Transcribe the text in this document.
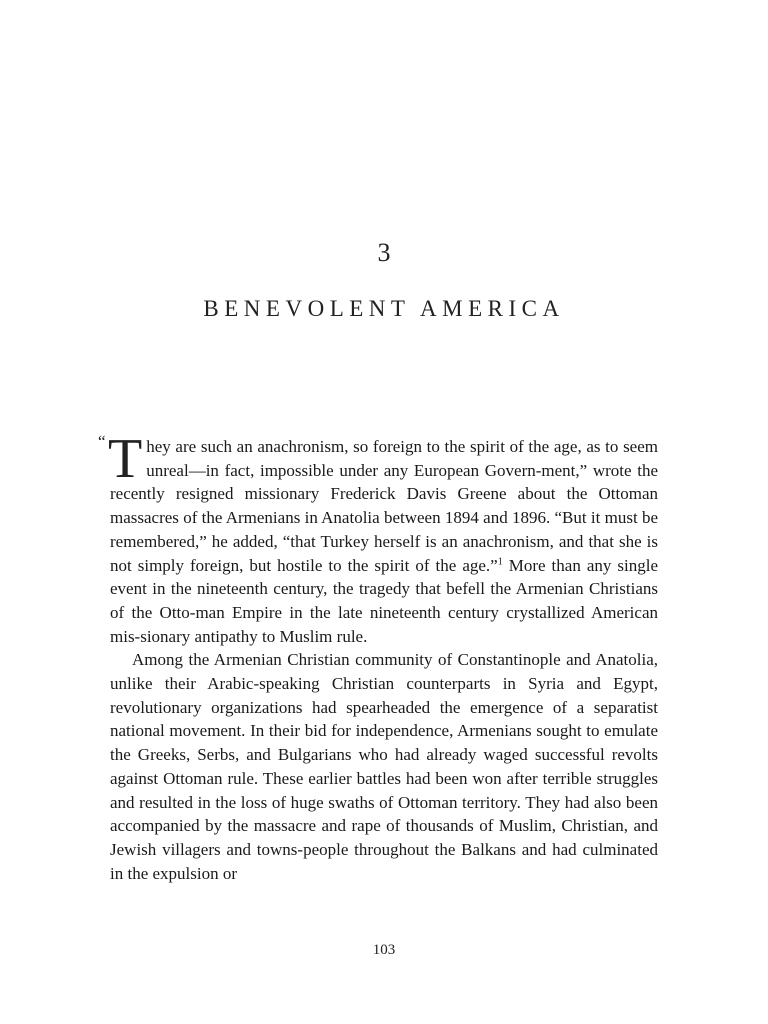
3
BENEVOLENT AMERICA

“ T hey are such an anachronism, so foreign to the spirit of the age, as to seem unreal—in fact, impossible under any European Govern-ment,” wrote the recently resigned missionary Frederick Davis Greene about the Ottoman massacres of the Armenians in Anatolia between 1894 and 1896. “But it must be remembered,” he added, “that Turkey herself is an anachronism, and that she is not simply foreign, but hostile to the spirit of the age.”$^1$ More than any single event in the nineteenth century, the tragedy that befell the Armenian Christians of the Otto-man Empire in the late nineteenth century crystallized American mis-sionary antipathy to Muslim rule.

Among the Armenian Christian community of Constantinople and Anatolia, unlike their Arabic-speaking Christian counterparts in Syria and Egypt, revolutionary organizations had spearheaded the emergence of a separatist national movement. In their bid for independence, Armenians sought to emulate the Greeks, Serbs, and Bulgarians who had already waged successful revolts against Ottoman rule. These earlier battles had been won after terrible struggles and resulted in the loss of huge swaths of Ottoman territory. They had also been accompanied by the massacre and rape of thousands of Muslim, Christian, and Jewish villagers and towns-people throughout the Balkans and had culminated in the expulsion or

103
